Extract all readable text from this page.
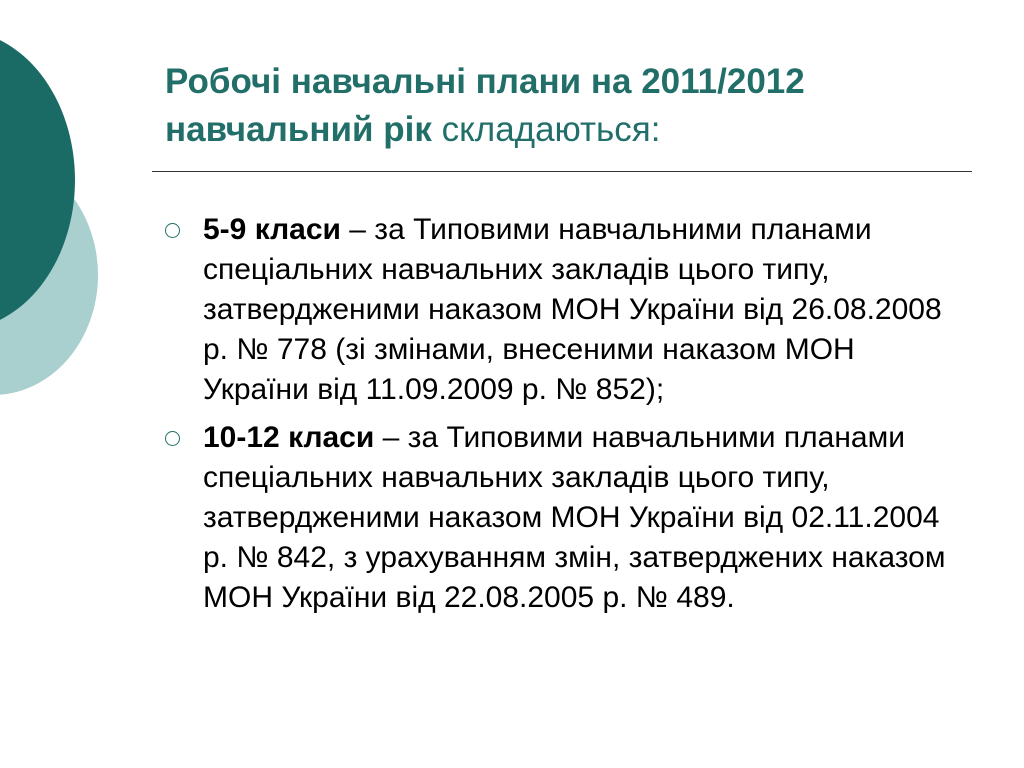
Робочі навчальні плани на 2011/2012 навчальний рік складаються:
5-9 класи – за Типовими навчальними планами спеціальних навчальних закладів цього типу, затвердженими наказом МОН України від 26.08.2008 р. № 778 (зі змінами, внесеними наказом МОН України від 11.09.2009 р. № 852);
10-12 класи – за Типовими навчальними планами спеціальних навчальних закладів цього типу, затвердженими наказом МОН України від 02.11.2004 р. № 842, з урахуванням змін, затверджених наказом МОН України від 22.08.2005 р. № 489.
